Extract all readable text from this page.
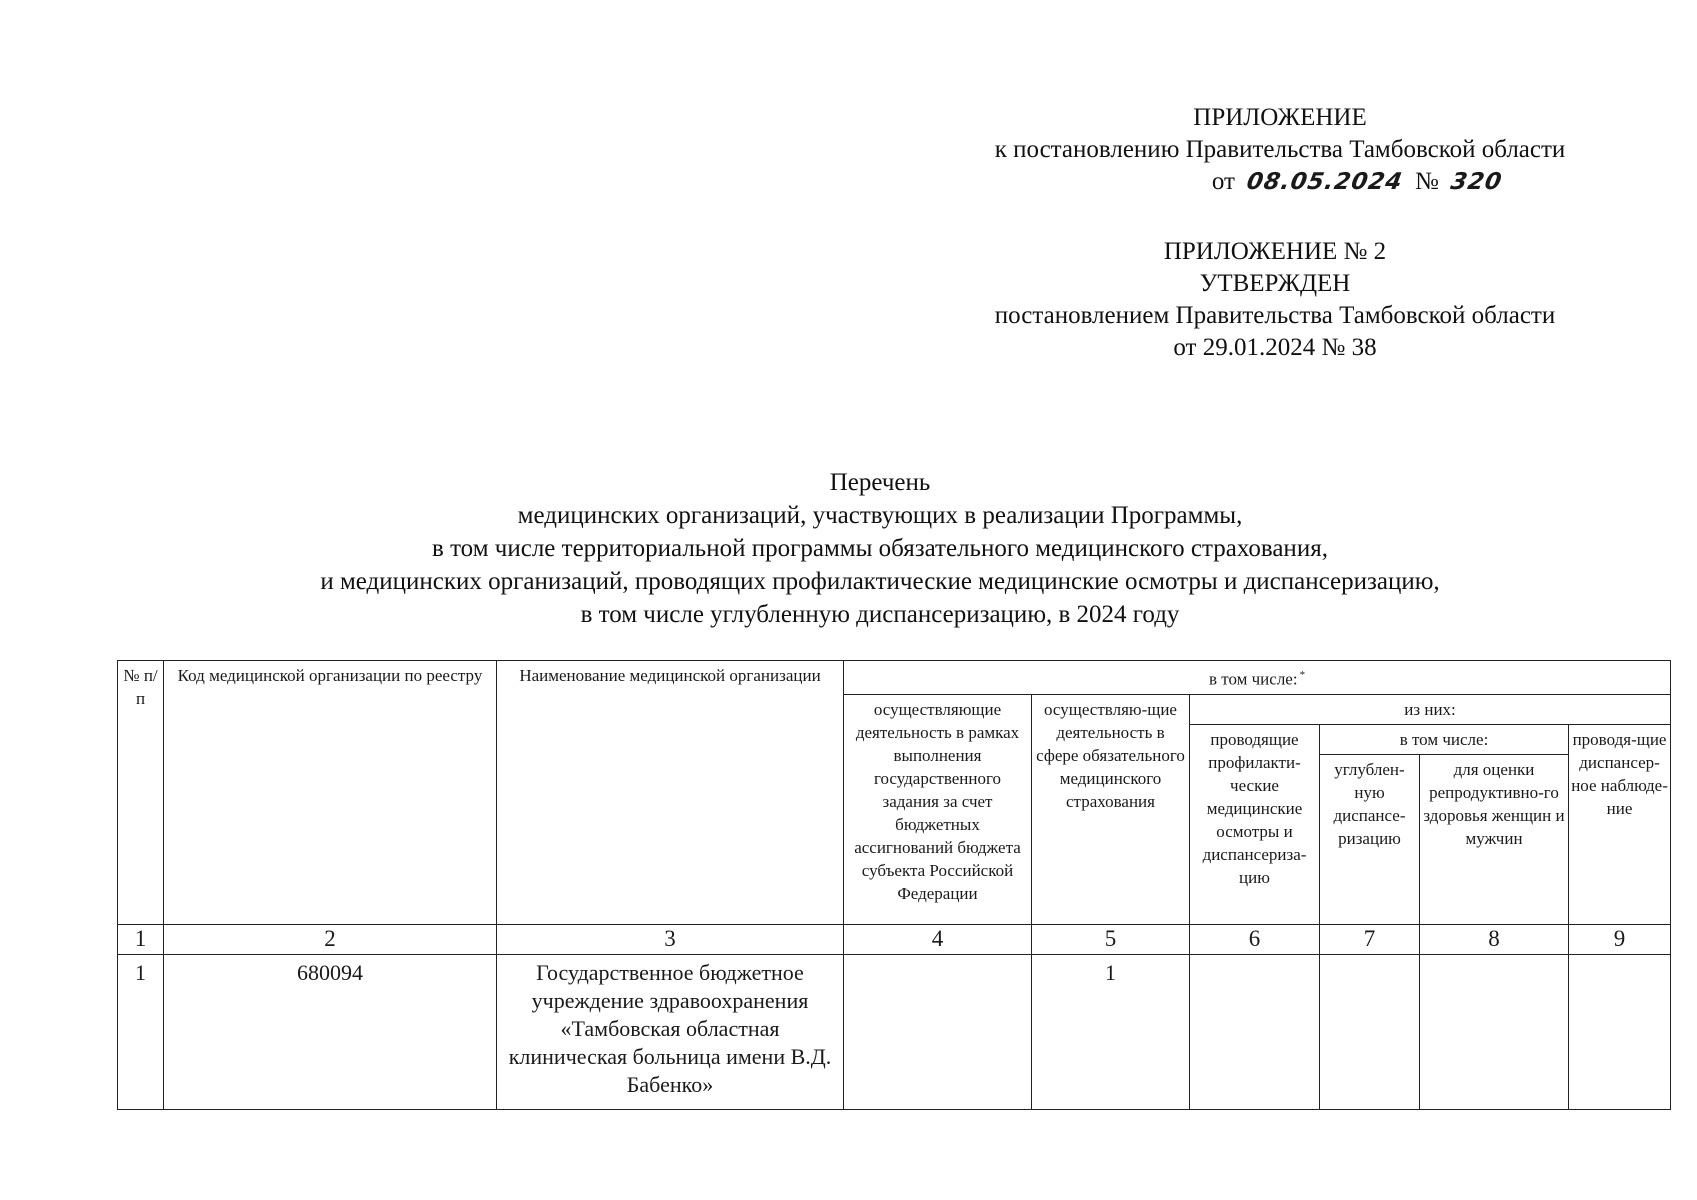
ПРИЛОЖЕНИЕ
к постановлению Правительства Тамбовской области
от 08.05.2024 № 320
ПРИЛОЖЕНИЕ № 2
УТВЕРЖДЕН
постановлением Правительства Тамбовской области
от 29.01.2024 № 38
Перечень
медицинских организаций, участвующих в реализации Программы,
в том числе территориальной программы обязательного медицинского страхования,
и медицинских организаций, проводящих профилактические медицинские осмотры и диспансеризацию,
в том числе углубленную диспансеризацию, в 2024 году
№ п/п	Код медицинской организации по реестру	Наименование медицинской организации	в том числе: *
			осуществляющие деятельность в рамках выполнения государственного задания за счет бюджетных ассигнований бюджета субъекта Российской Федерации	осуществляю-щие деятельность в сфере обязательного медицинского страхования	из них:			
					проводящие профилакти-ческие медицинские осмотры и диспансериза-цию	в том числе:		проводя-щие диспансер-ное наблюде-ние
						углублен-ную диспансе-ризацию	для оценки репродуктивно-го здоровья женщин и мужчин	
1	2	3	4	5	6	7	8	9
1	680094	Государственное бюджетное учреждение здравоохранения «Тамбовская областная клиническая больница имени В.Д. Бабенко»		1				
